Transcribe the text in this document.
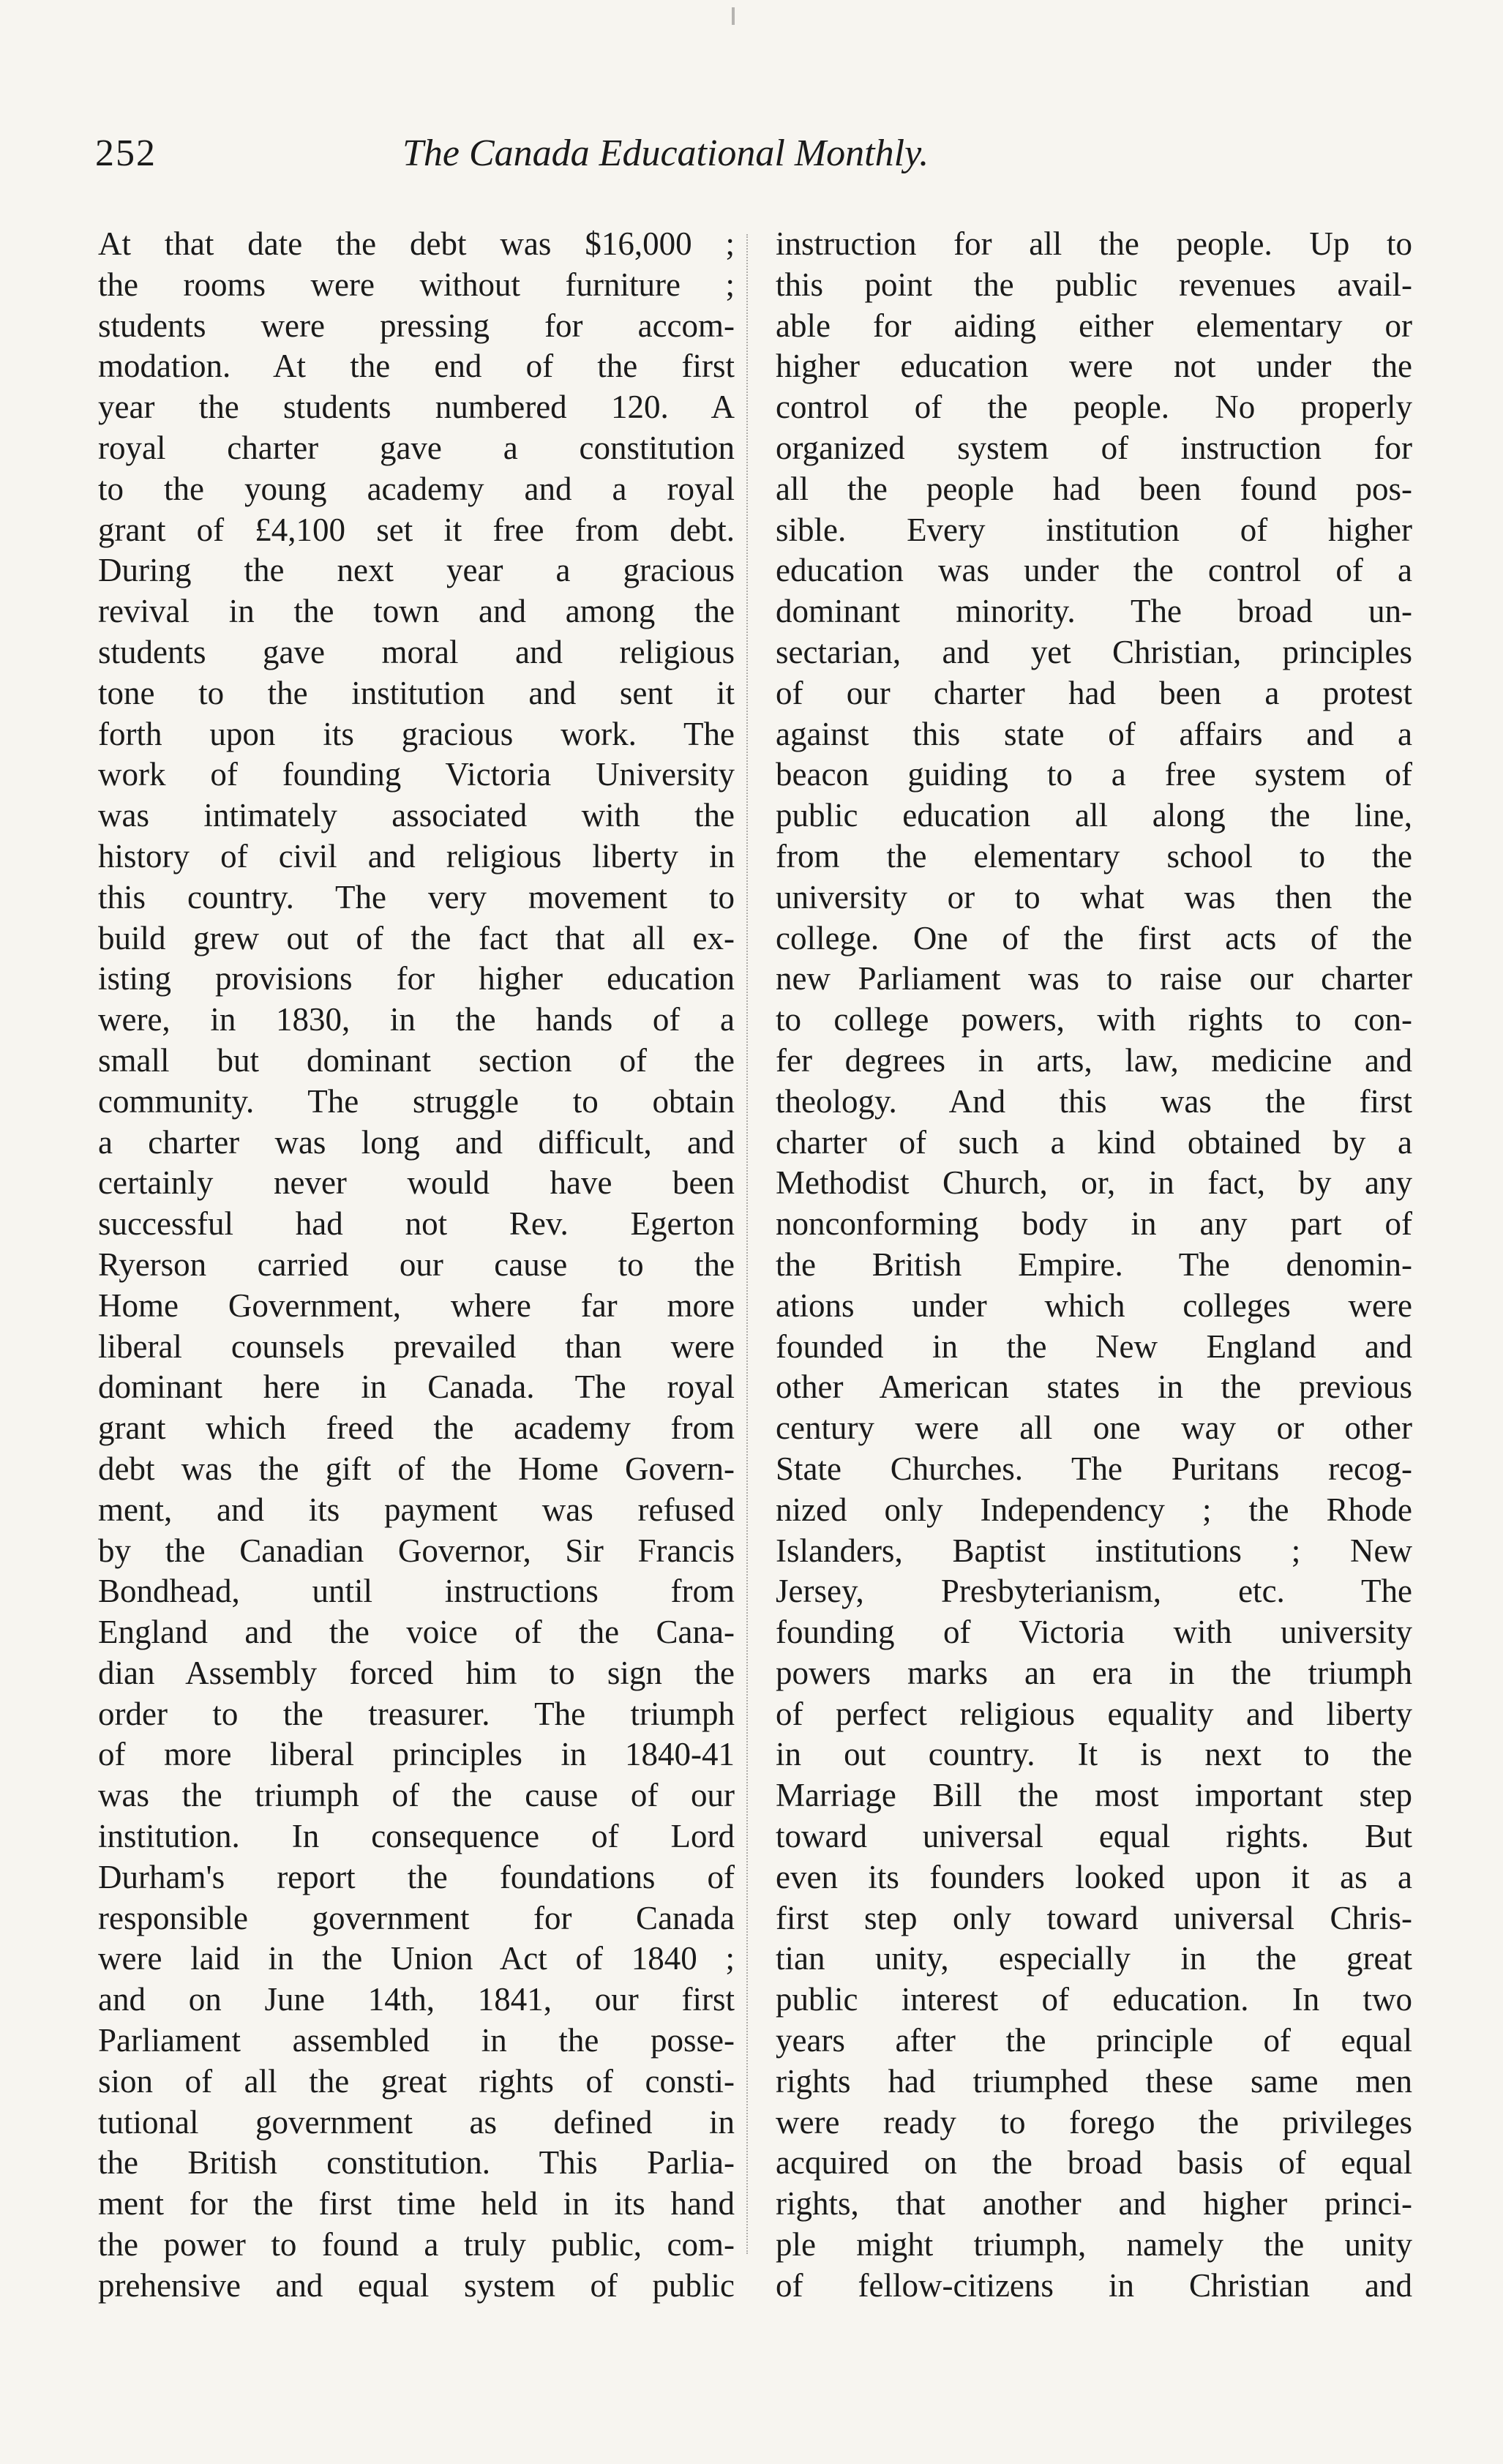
252	The Canada Educational Monthly.
At that date the debt was $16,000 ;
the rooms were without furniture ;
students were pressing for accom-
modation. At the end of the first
year the students numbered 120. A
royal charter gave a constitution
to the young academy and a royal
grant of £4,100 set it free from debt.
During the next year a gracious
revival in the town and among the
students gave moral and religious
tone to the institution and sent it
forth upon its gracious work. The
work of founding Victoria University
was intimately associated with the
history of civil and religious liberty in
this country. The very movement to
build grew out of the fact that all ex-
isting provisions for higher education
were, in 1830, in the hands of a
small but dominant section of the
community. The struggle to obtain
a charter was long and difficult, and
certainly never would have been
successful had not Rev. Egerton
Ryerson carried our cause to the
Home Government, where far more
liberal counsels prevailed than were
dominant here in Canada. The royal
grant which freed the academy from
debt was the gift of the Home Govern-
ment, and its payment was refused
by the Canadian Governor, Sir Francis
Bondhead, until instructions from
England and the voice of the Cana-
dian Assembly forced him to sign the
order to the treasurer. The triumph
of more liberal principles in 1840-41
was the triumph of the cause of our
institution. In consequence of Lord
Durham's report the foundations of
responsible government for Canada
were laid in the Union Act of 1840 ;
and on June 14th, 1841, our first
Parliament assembled in the posse-
sion of all the great rights of consti-
tutional government as defined in
the British constitution. This Parlia-
ment for the first time held in its hand
the power to found a truly public, com-
prehensive and equal system of public
instruction for all the people. Up to
this point the public revenues avail-
able for aiding either elementary or
higher education were not under the
control of the people. No properly
organized system of instruction for
all the people had been found pos-
sible. Every institution of higher
education was under the control of a
dominant minority. The broad un-
sectarian, and yet Christian, principles
of our charter had been a protest
against this state of affairs and a
beacon guiding to a free system of
public education all along the line,
from the elementary school to the
university or to what was then the
college. One of the first acts of the
new Parliament was to raise our charter
to college powers, with rights to con-
fer degrees in arts, law, medicine and
theology. And this was the first
charter of such a kind obtained by a
Methodist Church, or, in fact, by any
nonconforming body in any part of
the British Empire. The denomin-
ations under which colleges were
founded in the New England and
other American states in the previous
century were all one way or other
State Churches. The Puritans recog-
nized only Independency ; the Rhode
Islanders, Baptist institutions ; New
Jersey, Presbyterianism, etc. The
founding of Victoria with university
powers marks an era in the triumph
of perfect religious equality and liberty
in out country. It is next to the
Marriage Bill the most important step
toward universal equal rights. But
even its founders looked upon it as a
first step only toward universal Chris-
tian unity, especially in the great
public interest of education. In two
years after the principle of equal
rights had triumphed these same men
were ready to forego the privileges
acquired on the broad basis of equal
rights, that another and higher princi-
ple might triumph, namely the unity
of fellow-citizens in Christian and
